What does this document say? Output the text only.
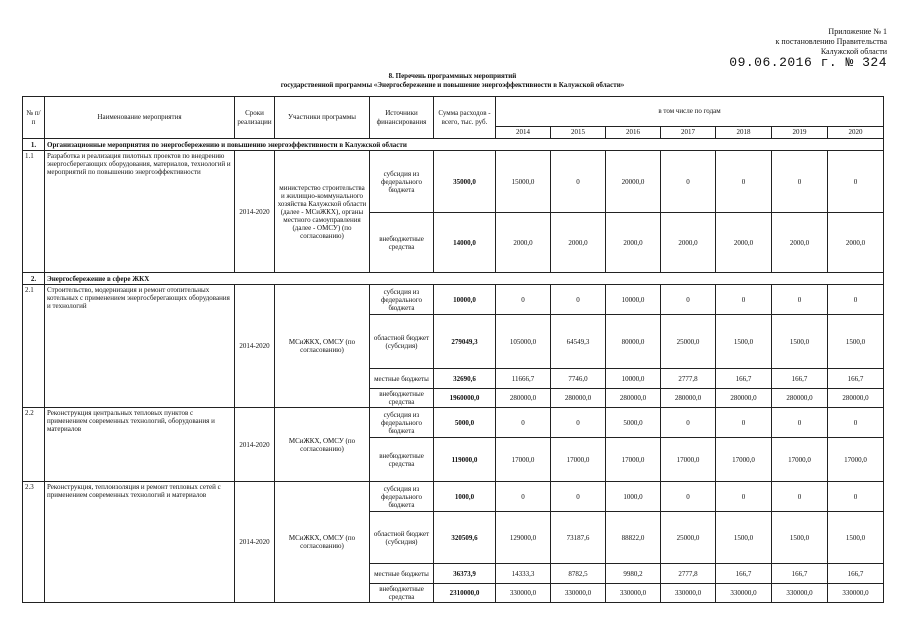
Приложение № 1
к постановлению Правительства
Калужской области
09.06.2016 г. № 324
8. Перечень программных мероприятий
государственной программы «Энергосбережение и повышение энергоэффективности в Калужской области»
№ п/п	Наименование мероприятия	Сроки реализации	Участники программы	Источники финансирования	Сумма расходов - всего, тыс. руб.	в том числе по годам						
						2014	2015	2016	2017	2018	2019	2020
1.	Организационные мероприятия по энергосбережению и повышению энергоэффективности в Калужской области											
1.1	Разработка и реализация пилотных проектов по внедрению энергосберегающих оборудования, материалов, технологий и мероприятий по повышению энергоэффективности	2014-2020	министерство строительства и жилищно-коммунального хозяйства Калужской области (далее - МСиЖКХ), органы местного самоуправления (далее - ОМСУ) (по согласованию)	субсидия из федерального бюджета	35000,0	15000,0	0	20000,0	0	0	0	0
				внебюджетные средства	14000,0	2000,0	2000,0	2000,0	2000,0	2000,0	2000,0	2000,0
2.	Энергосбережение в сфере ЖКХ											
2.1	Строительство, модернизация и ремонт отопительных котельных с применением энергосберегающих оборудования и технологий	2014-2020	МСиЖКХ, ОМСУ (по согласованию)	субсидия из федерального бюджета	10000,0	0	0	10000,0	0	0	0	0
				областной бюджет (субсидия)	279049,3	105000,0	64549,3	80000,0	25000,0	1500,0	1500,0	1500,0
				местные бюджеты	32690,6	11666,7	7746,0	10000,0	2777,8	166,7	166,7	166,7
				внебюджетные средства	1960000,0	280000,0	280000,0	280000,0	280000,0	280000,0	280000,0	280000,0
2.2	Реконструкция центральных тепловых пунктов с применением современных технологий, оборудования и материалов	2014-2020	МСиЖКХ, ОМСУ (по согласованию)	субсидия из федерального бюджета	5000,0	0	0	5000,0	0	0	0	0
				внебюджетные средства	119000,0	17000,0	17000,0	17000,0	17000,0	17000,0	17000,0	17000,0
2.3	Реконструкция, теплоизоляция и ремонт тепловых сетей с применением современных технологий и материалов	2014-2020	МСиЖКХ, ОМСУ (по согласованию)	субсидия из федерального бюджета	1000,0	0	0	1000,0	0	0	0	0
				областной бюджет (субсидия)	320509,6	129000,0	73187,6	88822,0	25000,0	1500,0	1500,0	1500,0
				местные бюджеты	36373,9	14333,3	8782,5	9980,2	2777,8	166,7	166,7	166,7
				внебюджетные средства	2310000,0	330000,0	330000,0	330000,0	330000,0	330000,0	330000,0	330000,0
